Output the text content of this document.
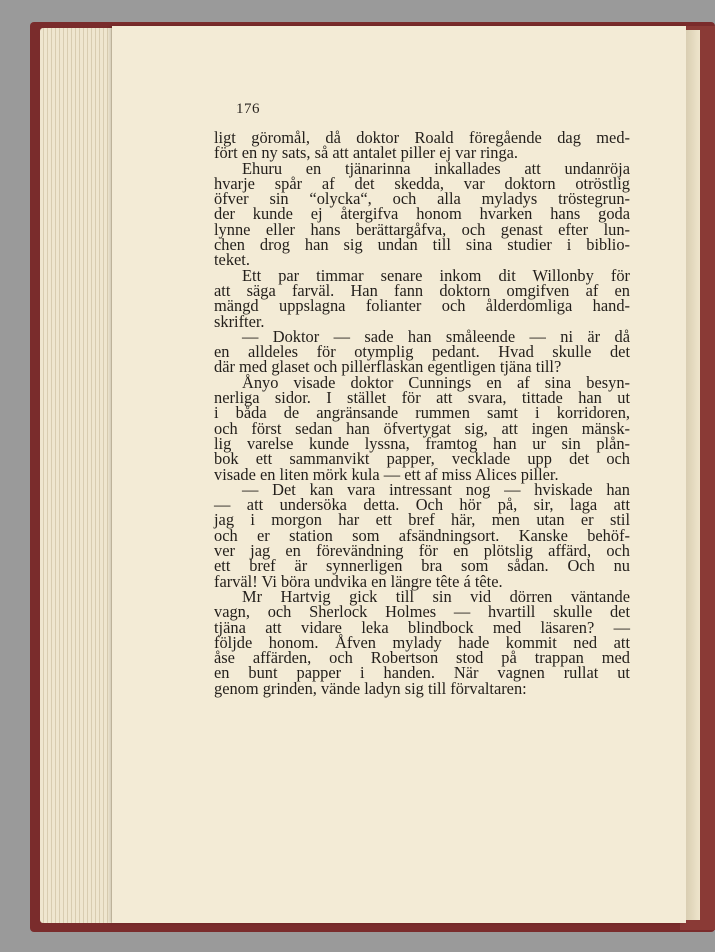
176
ligt göromål, då doktor Roald föregående dag med-
fört en ny sats, så att antalet piller ej var ringa.
Ehuru en tjänarinna inkallades att undanröja
hvarje spår af det skedda, var doktorn otröstlig
öfver sin “olycka“, och alla myladys tröstegrun-
der kunde ej återgifva honom hvarken hans goda
lynne eller hans berättargåfva, och genast efter lun-
chen drog han sig undan till sina studier i biblio-
teket.
Ett par timmar senare inkom dit Willonby för
att säga farväl. Han fann doktorn omgifven af en
mängd uppslagna folianter och ålderdomliga hand-
skrifter.
— Doktor — sade han småleende — ni är då
en alldeles för otymplig pedant. Hvad skulle det
där med glaset och pillerflaskan egentligen tjäna till?
Ånyo visade doktor Cunnings en af sina besyn-
nerliga sidor. I stället för att svara, tittade han ut
i båda de angränsande rummen samt i korridoren,
och först sedan han öfvertygat sig, att ingen mänsk-
lig varelse kunde lyssna, framtog han ur sin plån-
bok ett sammanvikt papper, vecklade upp det och
visade en liten mörk kula — ett af miss Alices piller.
— Det kan vara intressant nog — hviskade han
— att undersöka detta. Och hör på, sir, laga att
jag i morgon har ett bref här, men utan er stil
och er station som afsändningsort. Kanske behöf-
ver jag en förevändning för en plötslig affärd, och
ett bref är synnerligen bra som sådan. Och nu
farväl! Vi böra undvika en längre tête á tête.
Mr Hartvig gick till sin vid dörren väntande
vagn, och Sherlock Holmes — hvartill skulle det
tjäna att vidare leka blindbock med läsaren? —
följde honom. Åfven mylady hade kommit ned att
åse affärden, och Robertson stod på trappan med
en bunt papper i handen. När vagnen rullat ut
genom grinden, vände ladyn sig till förvaltaren:
